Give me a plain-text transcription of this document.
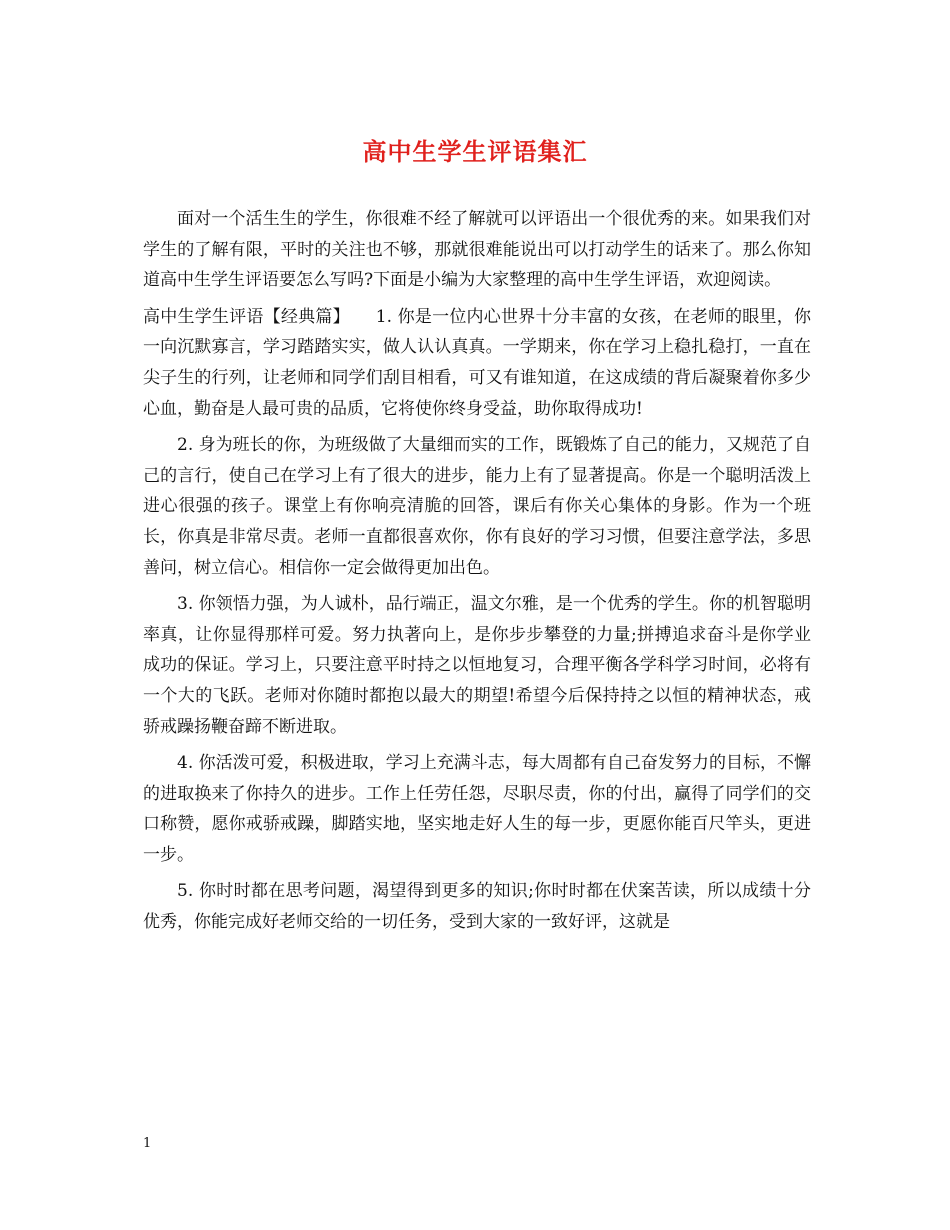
高中生学生评语集汇

面对一个活生生的学生，你很难不经了解就可以评语出一个很优秀的来。如果我们对学生的了解有限，平时的关注也不够，那就很难能说出可以打动学生的话来了。那么你知道高中生学生评语要怎么写吗?下面是小编为大家整理的高中生学生评语，欢迎阅读。

高中生学生评语【经典篇】　　1. 你是一位内心世界十分丰富的女孩，在老师的眼里，你一向沉默寡言，学习踏踏实实，做人认认真真。一学期来，你在学习上稳扎稳打，一直在尖子生的行列，让老师和同学们刮目相看，可又有谁知道，在这成绩的背后凝聚着你多少心血，勤奋是人最可贵的品质，它将使你终身受益，助你取得成功!

2. 身为班长的你，为班级做了大量细而实的工作，既锻炼了自己的能力，又规范了自己的言行，使自己在学习上有了很大的进步，能力上有了显著提高。你是一个聪明活泼上进心很强的孩子。课堂上有你响亮清脆的回答，课后有你关心集体的身影。作为一个班长，你真是非常尽责。老师一直都很喜欢你，你有良好的学习习惯，但要注意学法，多思善问，树立信心。相信你一定会做得更加出色。

3. 你领悟力强，为人诚朴，品行端正，温文尔雅，是一个优秀的学生。你的机智聪明率真，让你显得那样可爱。努力执著向上，是你步步攀登的力量;拼搏追求奋斗是你学业成功的保证。学习上，只要注意平时持之以恒地复习，合理平衡各学科学习时间，必将有一个大的飞跃。老师对你随时都抱以最大的期望!希望今后保持持之以恒的精神状态，戒骄戒躁扬鞭奋蹄不断进取。

4. 你活泼可爱，积极进取，学习上充满斗志，每大周都有自己奋发努力的目标，不懈的进取换来了你持久的进步。工作上任劳任怨，尽职尽责，你的付出，赢得了同学们的交口称赞，愿你戒骄戒躁，脚踏实地，坚实地走好人生的每一步，更愿你能百尺竿头，更进一步。

5. 你时时都在思考问题，渴望得到更多的知识;你时时都在伏案苦读，所以成绩十分优秀，你能完成好老师交给的一切任务，受到大家的一致好评，这就是

1
